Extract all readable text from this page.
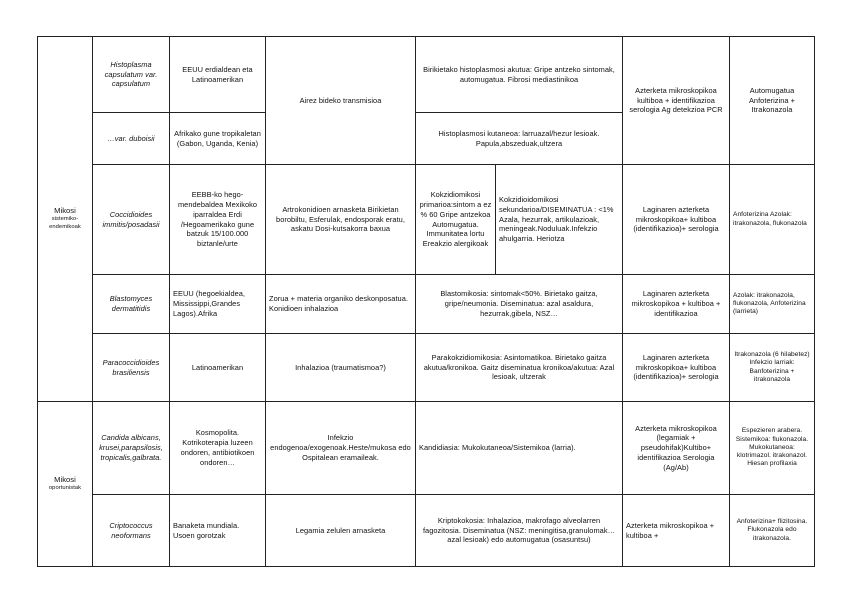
Mikosi
sistemiko-endemikoak	Histoplasma capsulatum var. capsulatum	EEUU erdialdean eta Latinoamerikan	Airez bideko transmisioa	Birikietako histoplasmosi akutua: Gripe antzeko sintomak, automugatua. Fibrosi mediastinikoa		Azterketa mikroskopikoa kultiboa + identifikazioa serologia Ag detekzioa PCR	Automugatua Anfoterizina + Itrakonazola
	…var. duboisii	Afrikako gune tropikaletan (Gabon, Uganda, Kenia)		Histoplasmosi kutaneoa: larruazal/hezur lesioak. Papula,abszeduak,ultzera			
	Coccidioides immitis/posadasii	EEBB-ko hego-mendebaldea Mexikoko iparraldea Erdi /Hegoamerikako gune batzuk 15/100.000 biztanle/urte	Artrokonidioen arnasketa Birikietan borobiltu, Esferulak, endosporak eratu, askatu Dosi-kutsakorra baxua	Kokzidiomikosi primarioa:sintom a ez % 60 Gripe antzekoa Automugatua. Immunitatea lortu Ereakzio alergikoak	Kokzidioidomikosi sekundarioa/DISEMINATUA : <1% Azala, hezurrak, artikulazioak, meningeak.Noduluak.Infekzio ahulgarria. Heriotza	Laginaren azterketa mikroskopikoa+ kultiboa (identifikazioa)+ serologia	Anfoterizina Azolak: itrakonazola, flukonazola
	Blastomyces dermatitidis	EEUU (hegoekialdea, Mississippi,Grandes Lagos).Afrika	Zorua + materia organiko deskonposatua. Konidioen inhalazioa	Blastomikosia: sintomak<50%. Birietako gaitza, gripe/neumonia. Diseminatua: azal asaldura, hezurrak,gibela, NSZ…		Laginaren azterketa mikroskopikoa + kultiboa + identifikazioa	Azolak: itrakonazola, flukonazola, Anfoterizina (larrieta)
	Paracoccidioides brasiliensis	Latinoamerikan	Inhalazioa (traumatismoa?)	Parakokzidiomikosia: Asintomatikoa. Birietako gaitza akutua/kronikoa. Gaitz diseminatua kronikoa/akutua: Azal lesioak, ultzerak		Laginaren azterketa mikroskopikoa+ kultiboa (identifikazioa)+ serologia	Itrakonazola (6 hilabetez) Infekzio larriak: Banfoterizina + itrakonazola
Mikosi
oportunistak	Candida albicans, krusei,parapsilosis, tropicalis,galbrata.	Kosmopolita. Kotrikoterapia luzeen ondoren, antibiotikoen ondoren…	Infekzio endogenoa/exogenoak.Heste/mukosa edo Ospitalean eramaileak.	Kandidiasia: Mukokutaneoa/Sistemikoa (larria).		Azterketa mikroskopikoa (legamiak + pseudohifak)Kultibo+ identifikazioa Serologia (Ag/Ab)	Espezieren arabera. Sistemikoa: flukonazola. Mukokutaneoa: klotrimazol. itrakonazol. Hiesan profilaxia
	Criptococcus neoformans	Banaketa mundiala. Usoen gorotzak	Legamia zelulen arnasketa	Kriptokokosia: Inhalazioa, makrofago alveolarren fagozitosia. Diseminatua (NSZ: meningitisa,granulomak… azal lesioak) edo automugatua (osasuntsu)		Azterketa mikroskopikoa + kultiboa +	Anfoterizina+ flizitosina. Flukonazola edo itrakonazola.
